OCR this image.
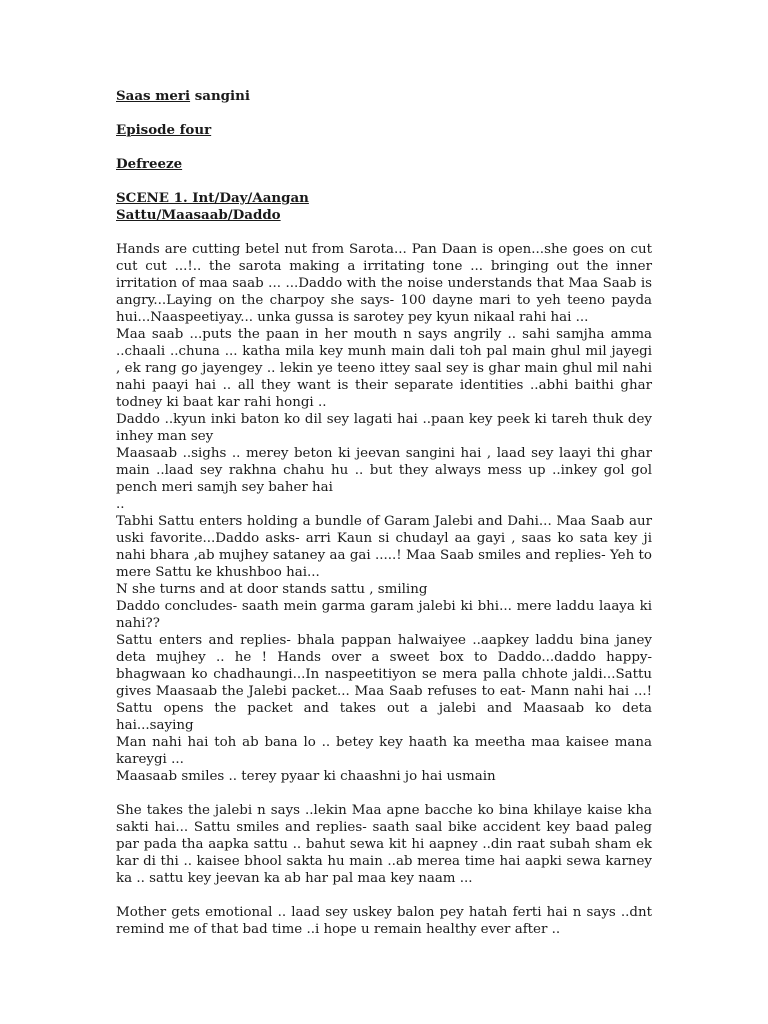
Saas meri sangini

Episode four

Defreeze

SCENE 1. Int/Day/Aangan

Sattu/Maasaab/Daddo

Hands are cutting betel nut from Sarota... Pan Daan is open...she goes on cut cut cut ...!.. the sarota making a irritating tone ... bringing out the inner irritation of maa saab ... ...Daddo with the noise understands that Maa Saab is angry...Laying on the charpoy she says- 100 dayne mari to yeh teeno payda hui...Naaspeetiyay... unka gussa is sarotey pey kyun nikaal rahi hai ...

Maa saab ...puts the paan in her mouth n says angrily .. sahi samjha amma ..chaali ..chuna ... katha mila key munh main dali toh pal main ghul mil jayegi , ek rang go jayengey .. lekin ye teeno ittey saal sey is ghar main ghul mil nahi nahi paayi hai .. all they want is their separate identities ..abhi baithi ghar todney ki baat kar rahi hongi ..

Daddo ..kyun inki baton ko dil sey lagati hai ..paan key peek ki tareh thuk dey inhey man sey

Maasaab ..sighs .. merey beton ki jeevan sangini hai , laad sey laayi thi ghar main ..laad sey rakhna chahu hu .. but they always mess up ..inkey gol gol pench meri samjh sey baher hai

..

Tabhi Sattu enters holding a bundle of Garam Jalebi and Dahi... Maa Saab aur uski favorite...Daddo asks- arri Kaun si chudayl aa gayi , saas ko sata key ji nahi bhara ,ab mujhey sataney aa gai .....! Maa Saab smiles and replies- Yeh to mere Sattu ke khushboo hai...

N she turns and at door stands sattu , smiling

Daddo concludes- saath mein garma garam jalebi ki bhi... mere laddu laaya ki nahi??

Sattu enters and replies- bhala pappan halwaiyee ..aapkey laddu bina janey deta mujhey .. he ! Hands over a sweet box to Daddo...daddo happy- bhagwaan ko chadhaungi...In naspeetitiyon se mera palla chhote jaldi...Sattu gives Maasaab the Jalebi packet... Maa Saab refuses to eat- Mann nahi hai ...! Sattu opens the packet and takes out a jalebi and Maasaab ko deta hai...saying

Man nahi hai toh ab bana lo .. betey key haath ka meetha maa kaisee mana kareygi ...

Maasaab smiles .. terey pyaar ki chaashni jo hai usmain

She takes the jalebi n says ..lekin Maa apne bacche ko bina khilaye kaise kha sakti hai... Sattu smiles and replies- saath saal bike accident key baad paleg par pada tha aapka sattu .. bahut sewa kit hi aapney ..din raat subah sham ek kar di thi .. kaisee bhool sakta hu main ..ab merea time hai aapki sewa karney ka .. sattu key jeevan ka ab har pal maa key naam ...

Mother gets emotional .. laad sey uskey balon pey hatah ferti hai n says ..dnt remind me of that bad time ..i hope u remain healthy ever after ..
